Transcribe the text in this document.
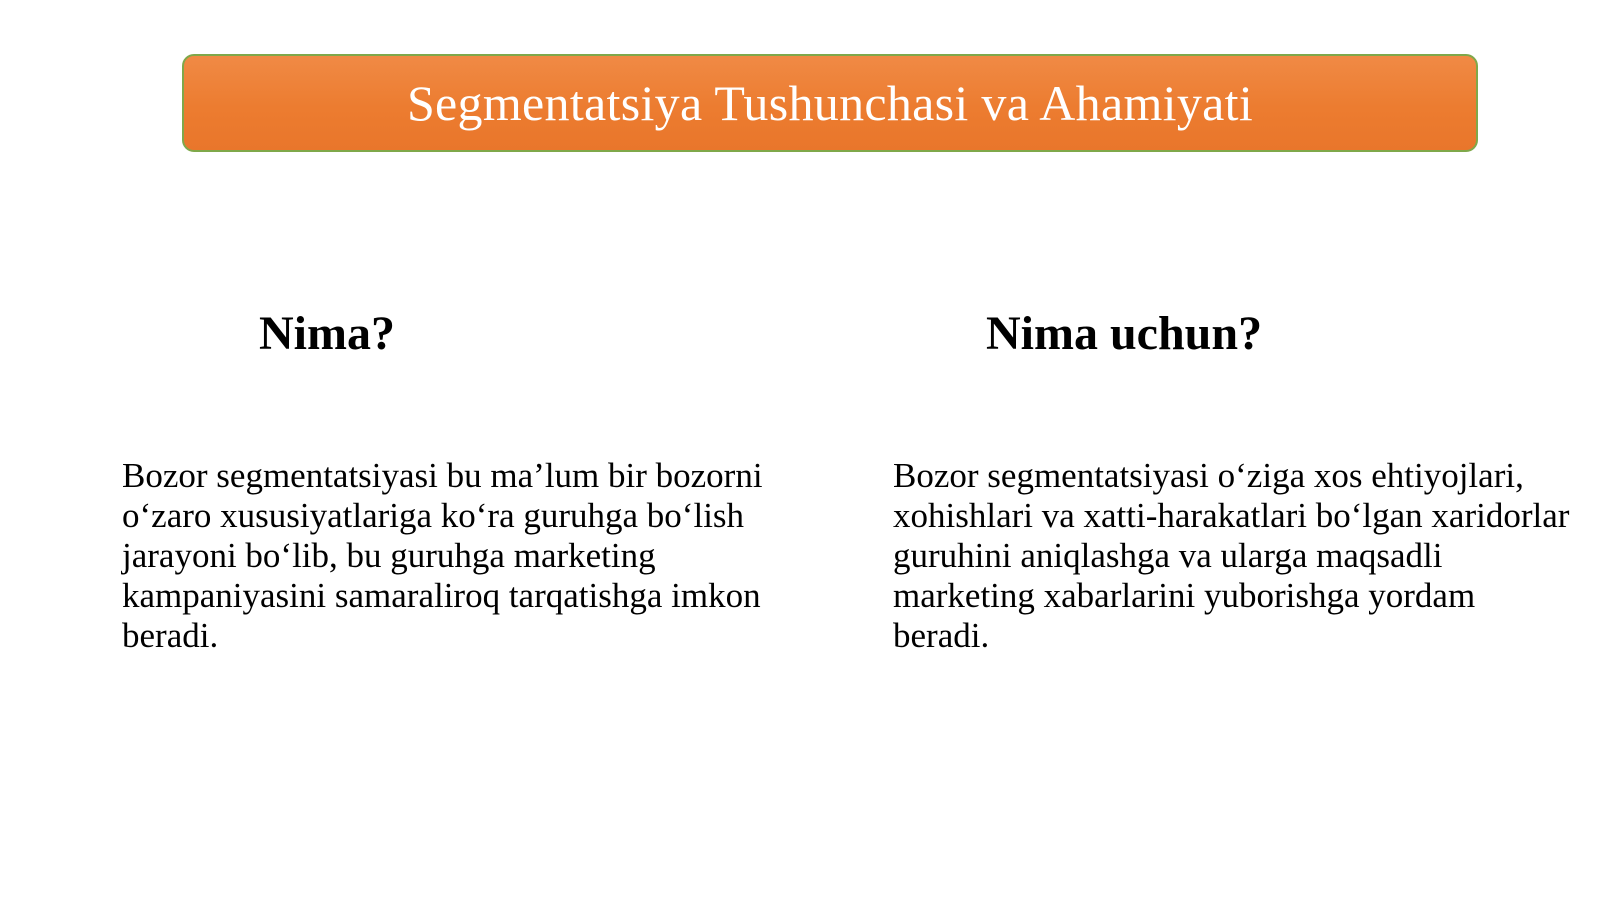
Segmentatsiya Tushunchasi va Ahamiyati
Nima?	Nima uchun?

Bozor segmentatsiyasi bu ma’lum bir bozorni o‘zaro xususiyatlariga ko‘ra guruhga bo‘lish jarayoni bo‘lib, bu guruhga marketing kampaniyasini samaraliroq tarqatishga imkon beradi.

Bozor segmentatsiyasi o‘ziga xos ehtiyojlari, xohishlari va xatti-harakatlari bo‘lgan xaridorlar guruhini aniqlashga va ularga maqsadli marketing xabarlarini yuborishga yordam beradi.
